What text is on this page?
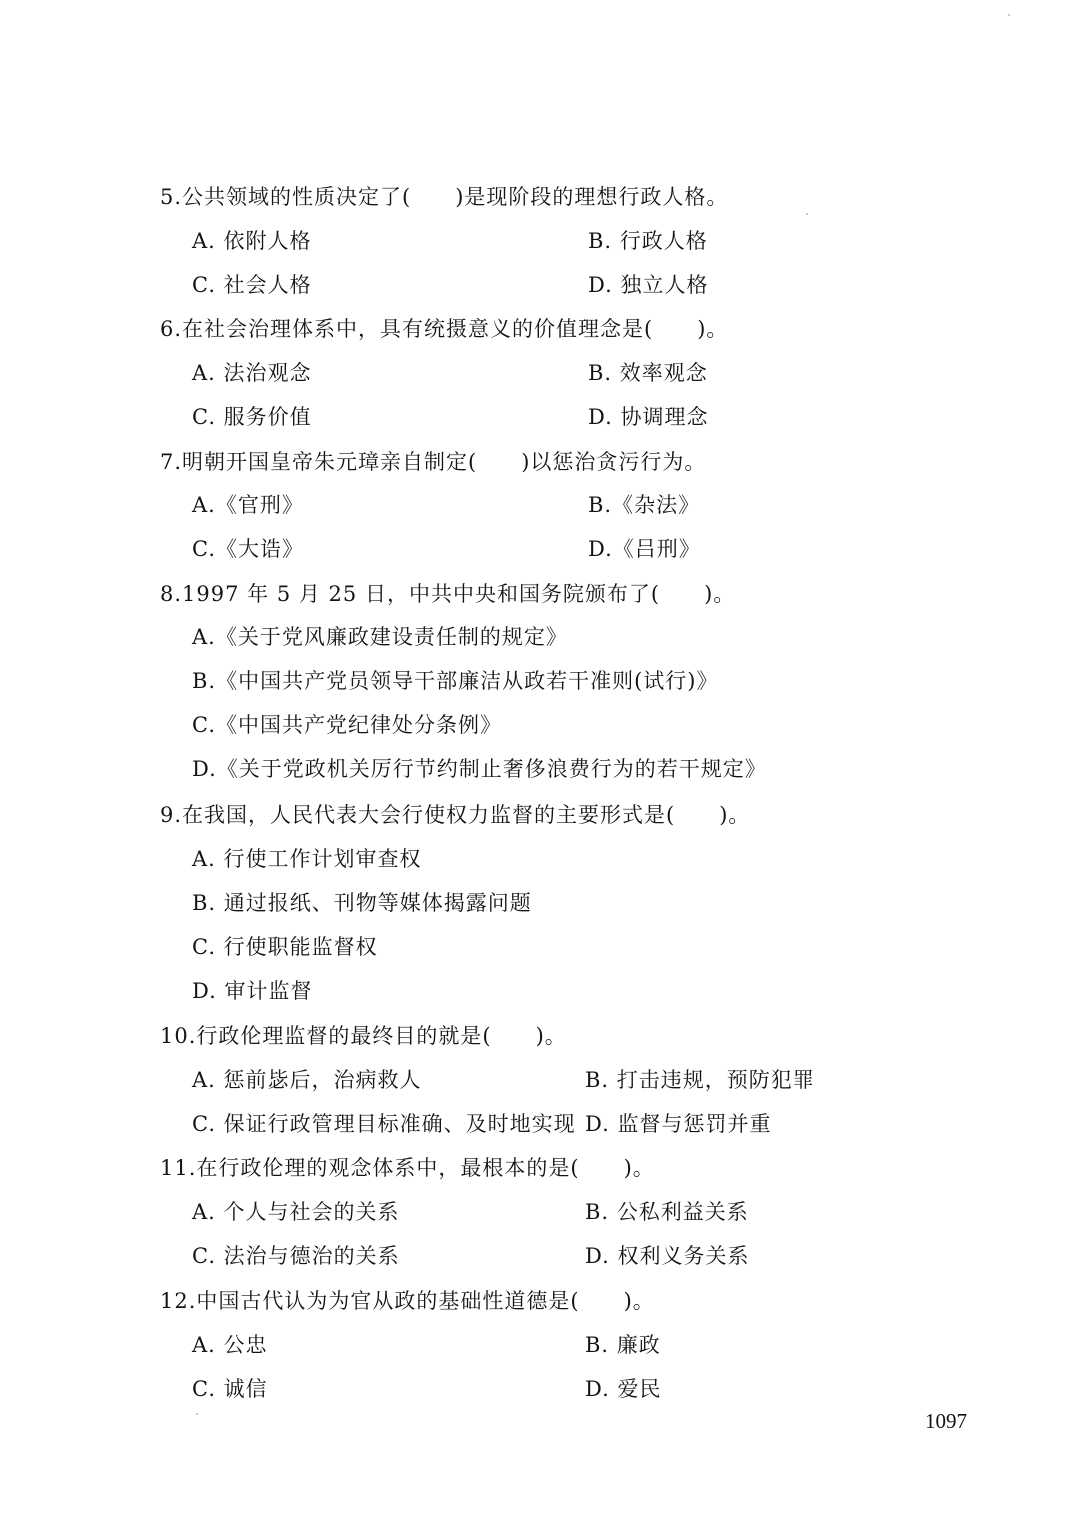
5.公共领域的性质决定了(　　)是现阶段的理想行政人格。
A. 依附人格	B. 行政人格
C. 社会人格	D. 独立人格
6.在社会治理体系中，具有统摄意义的价值理念是(　　)。
A. 法治观念	B. 效率观念
C. 服务价值	D. 协调理念
7.明朝开国皇帝朱元璋亲自制定(　　)以惩治贪污行为。
A.《官刑》	B.《杂法》
C.《大诰》	D.《吕刑》
8.1997 年 5 月 25 日，中共中央和国务院颁布了(　　)。
A.《关于党风廉政建设责任制的规定》
B.《中国共产党员领导干部廉洁从政若干准则(试行)》
C.《中国共产党纪律处分条例》
D.《关于党政机关厉行节约制止奢侈浪费行为的若干规定》
9.在我国，人民代表大会行使权力监督的主要形式是(　　)。
A. 行使工作计划审查权
B. 通过报纸、刊物等媒体揭露问题
C. 行使职能监督权
D. 审计监督
10.行政伦理监督的最终目的就是(　　)。
A. 惩前毖后，治病救人	B. 打击违规，预防犯罪
C. 保证行政管理目标准确、及时地实现 D. 监督与惩罚并重
11.在行政伦理的观念体系中，最根本的是(　　)。
A. 个人与社会的关系	B. 公私利益关系
C. 法治与德治的关系	D. 权利义务关系
12.中国古代认为为官从政的基础性道德是(　　)。
A. 公忠	B. 廉政
C. 诚信	D. 爱民
1097
